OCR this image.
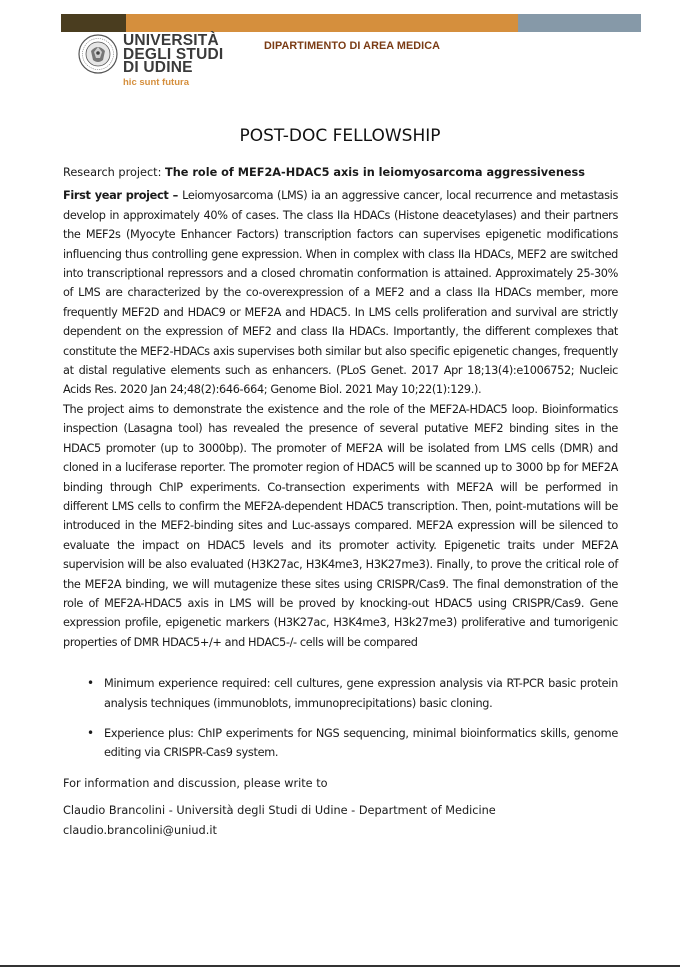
UNIVERSITÀ
DEGLI STUDI
DI UDINE
hic sunt futura
DIPARTIMENTO DI AREA MEDICA
POST-DOC FELLOWSHIP

Research project: The role of MEF2A-HDAC5 axis in leiomyosarcoma aggressiveness

First year project – Leiomyosarcoma (LMS) ia an aggressive cancer, local recurrence and metastasis develop in approximately 40% of cases. The class IIa HDACs (Histone deacetylases) and their partners the MEF2s (Myocyte Enhancer Factors) transcription factors can supervises epigenetic modifications influencing thus controlling gene expression. When in complex with class IIa HDACs, MEF2 are switched into transcriptional repressors and a closed chromatin conformation is attained. Approximately 25-30% of LMS are characterized by the co-overexpression of a MEF2 and a class IIa HDACs member, more frequently MEF2D and HDAC9 or MEF2A and HDAC5. In LMS cells proliferation and survival are strictly dependent on the expression of MEF2 and class IIa HDACs. Importantly, the different complexes that constitute the MEF2-HDACs axis supervises both similar but also specific epigenetic changes, frequently at distal regulative elements such as enhancers. (PLoS Genet. 2017 Apr 18;13(4):e1006752; Nucleic Acids Res. 2020 Jan 24;48(2):646-664; Genome Biol. 2021 May 10;22(1):129.).

The project aims to demonstrate the existence and the role of the MEF2A-HDAC5 loop. Bioinformatics inspection (Lasagna tool) has revealed the presence of several putative MEF2 binding sites in the HDAC5 promoter (up to 3000bp). The promoter of MEF2A will be isolated from LMS cells (DMR) and cloned in a luciferase reporter. The promoter region of HDAC5 will be scanned up to 3000 bp for MEF2A binding through ChIP experiments. Co-transection experiments with MEF2A will be performed in different LMS cells to confirm the MEF2A-dependent HDAC5 transcription. Then, point-mutations will be introduced in the MEF2-binding sites and Luc-assays compared. MEF2A expression will be silenced to evaluate the impact on HDAC5 levels and its promoter activity. Epigenetic traits under MEF2A supervision will be also evaluated (H3K27ac, H3K4me3, H3K27me3). Finally, to prove the critical role of the MEF2A binding, we will mutagenize these sites using CRISPR/Cas9. The final demonstration of the role of MEF2A-HDAC5 axis in LMS will be proved by knocking-out HDAC5 using CRISPR/Cas9. Gene expression profile, epigenetic markers (H3K27ac, H3K4me3, H3k27me3) proliferative and tumorigenic properties of DMR HDAC5+/+ and HDAC5-/- cells will be compared

• Minimum experience required: cell cultures, gene expression analysis via RT-PCR basic protein analysis techniques (immunoblots, immunoprecipitations) basic cloning.
• Experience plus: ChIP experiments for NGS sequencing, minimal bioinformatics skills, genome editing via CRISPR-Cas9 system.

For information and discussion, please write to

Claudio Brancolini - Università degli Studi di Udine - Department of Medicine

claudio.brancolini@uniud.it
